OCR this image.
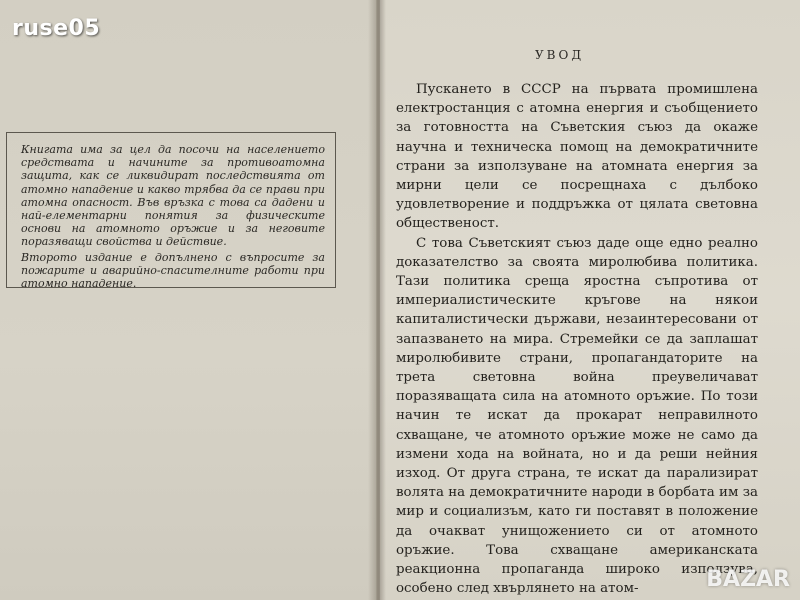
ruse05

Книгата има за цел да посочи на населението средствата и начините за противоатомна защита, как се ликвидират последствията от атомно нападение и какво трябва да се прави при атомна опасност. Във връзка с това са дадени и най-елементарни понятия за физическите основи на атомното оръжие и за неговите поразяващи свойства и действие.

Второто издание е допълнено с въпросите за пожарите и аварийно-спасителните работи при атомно нападение.

УВОД

Пускането в СССР на първата промишлена електростанция с атомна енергия и съобщението за готовността на Съветския съюз да окаже научна и техническа помощ на демократичните страни за използуване на атомната енергия за мирни цели се посрещнаха с дълбоко удовлетворение и поддръжка от цялата световна общественост.

С това Съветският съюз даде още едно реално доказателство за своята миролюбива политика. Тази политика среща яростна съпротива от империалистическите кръгове на някои капиталистически държави, незаинтересовани от запазването на мира. Стремейки се да заплашат миролюбивите страни, пропагандаторите на трета световна война преувеличават поразяващата сила на атомното оръжие. По този начин те искат да прокарат неправилното схващане, че атомното оръжие може не само да измени хода на войната, но и да реши нейния изход. От друга страна, те искат да парализират волята на демократичните народи в борбата им за мир и социализъм, като ги поставят в положение да очакват унищожението си от атомното оръжие. Това схващане американската реакционна пропаганда широко използува, особено след хвърлянето на атом-	BAZAR
